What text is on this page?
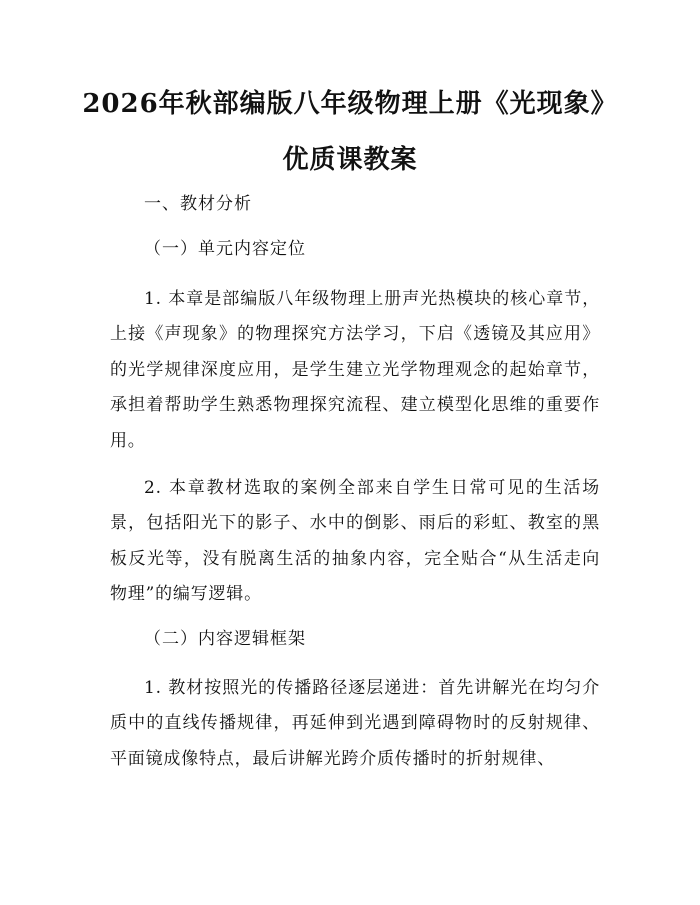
2026年秋部编版八年级物理上册《光现象》
优质课教案
一、教材分析
（一）单元内容定位

1. 本章是部编版八年级物理上册声光热模块的核心章节，上接《声现象》的物理探究方法学习，下启《透镜及其应用》的光学规律深度应用，是学生建立光学物理观念的起始章节，承担着帮助学生熟悉物理探究流程、建立模型化思维的重要作用。

2. 本章教材选取的案例全部来自学生日常可见的生活场景，包括阳光下的影子、水中的倒影、雨后的彩虹、教室的黑板反光等，没有脱离生活的抽象内容，完全贴合“从生活走向物理”的编写逻辑。

（二）内容逻辑框架

1. 教材按照光的传播路径逐层递进：首先讲解光在均匀介质中的直线传播规律，再延伸到光遇到障碍物时的反射规律、平面镜成像特点，最后讲解光跨介质传播时的折射规律、
